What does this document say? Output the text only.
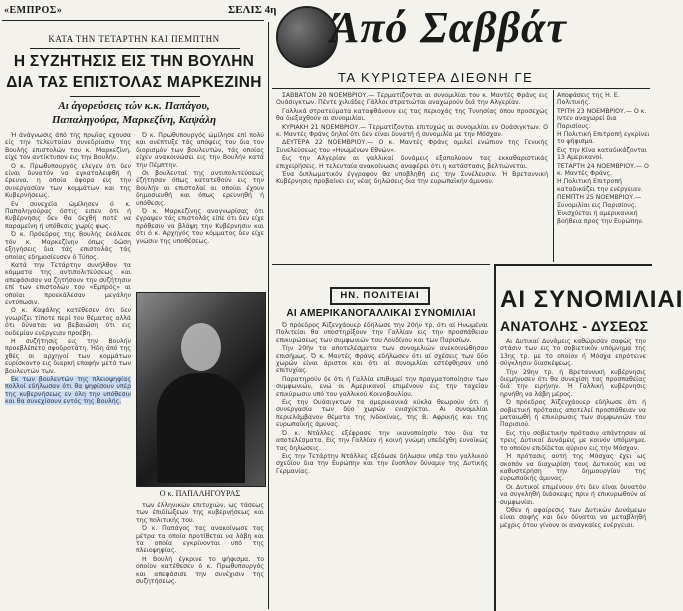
«ΕΜΠΡΟΣ»	ΣΕΛΙΣ 4η
ΚΑΤΑ ΤΗΝ ΤΕΤΑΡΤΗΝ ΚΑΙ ΠΕΜΠΤΗΝ
Η ΣΥΖΗΤΗΣΙΣ ΕΙΣ ΤΗΝ ΒΟΥΛΗΝ
ΔΙΑ ΤΑΣ ΕΠΙΣΤΟΛΑΣ ΜΑΡΚΕΖΙΝΗ
Αι άγορεύσεις τών κ.κ. Παπάγου,
Παπαληγούρα, Μαρκεζίνη, Καψάλη

Ή άνάγνωσις άπό της πρωϊας εχουσα είς την τελευταίαν συνεδρίασιν της Βουλής επιστολών του κ. Μαρκεζίνη, είχε τον αντίκτυπον εις την Βουλήν.

Ο κ. Πρωθυπουργός ελεγεν ότι δεν είναι δυνατόν να εγκαταλειφθή ή έρευνα, η οποία άφορα εις την συνεργασίαν των κομμάτων και της Κυβερνήσεως.

Εν συνεχεία ώμίλησεν ό κ. Παπαληγούρας όστις ειπεν ότι ή Κυβέρνησις δεν θα δεχθή ποτέ να παραμείνη ή υπόθεσις χωρίς φως.

Ό κ. Πρόεδρος της Βουλής έκάλεσε τόν κ. Μαρκεζίνην όπως δώση εξηγήσεις δια τάς επιστολάς τάς οποίας εδημοσίευσεν ό Τύπος.

Κατά την Τετάρτην συνήλθον τα κόμματα της αντιπολιτεύσεως και απεφάσισαν να ζητήσουν την συζήτησιν επί των επιστολών του «Εμπρός» αι οποίαι προεκάλεσαν μεγάλην εντύπωσιν.

Ο κ. Καψάλης κατέθεσεν ότι δεν γνωρίζει τίποτε περί του θέματος αλλά ότι δύναται να βεβαιώση ότι εις ουδεμίαν ενέργειαν προέβη.

Η συζήτησις εις την Βουλήν προεβλέπετο σφοδροτάτη. Ήδη άπό της χθές οι αρχηγοί των κομμάτων ευρίσκοντο εις διαρκή επαφήν μετά των βουλευτών των.

Εκ των βουλευτών της πλειοψηφίας πολλοί εδήλωσαν ότι θα ψηφίσουν υπέρ της κυβερνήσεως εν όλη την υπόθεσιν και θα συνεχίσουν εντός της Βουλής.

Ό κ. Πρωθυπουργός ώμίλησε επί πολύ και ανέπτυξε τάς απόψεις του δια τον διορισμόν των βουλευτών, τάς οποίας είχεν ανακοινώσει εις την Βουλήν κατά την Πέμπτην.

Οι βουλευταί της αντιπολιτεύσεως έζήτησαν όπως κατατεθούν εις την Βουλήν αι επιστολαί αι οποίαι έχουν δημοσιευθή και όπως ερευνηθή ή υπόθεσις.

Ό κ. Μαρκεζίνης αναγνωρίσας ότι έγραψεν τάς επιστολάς είπε ότι δεν είχε πρόθεσιν να βλάψη την Κυβέρνησιν και ότι ό κ. Αρχηγός του κόμματος δεν είχε γνώσιν της υποθέσεως.

Ο κ. ΠΑΠΑΛΗΓΟΥΡΑΣ

των έλληνικών επιτυχιών, ως τάσεως των έπιδίωξεων της κυβερνήσεως και της πολιτικής του.

Ό κ. Παπάγος τας ανακοίνωσε τας μέτρα τα οποία προτίθεται να λάβη και τα οποία εγκρίνονται υπό της πλειοψηφίας.

Η Βουλή έγκρινε το ψήφισμα, το οποίον κατέθεσεν ό κ. Πρωθυπουργός και απεφάσισε την συνέχισιν της συζητήσεως.

Άπό Σαββάτ
ΤΑ ΚΥΡΙΩΤΕΡΑ ΔΙΕΘΝΗ ΓΕ

ΣΑΒΒΑΤΟΝ 20 ΝΟΕΜΒΡΙΟΥ.— Τερματίζονται αι συνομιλίαι του κ. Μαντές Φράνς εις Ουάσιγκτων. Πέντε χιλιάδες Γάλλοι στρατιώται αναχωρούν διά την Αλγερίαν.

Γαλλικά στρατεύματα καταφθάνουν εις τας περιοχάς της Τυνησίας όπου προσεχώς θα διεξαχθούν αι συνομιλίαι.

ΚΥΡΙΑΚΗ 21 ΝΟΕΜΒΡΙΟΥ.— Τερματίζονται επιτυχώς αι συνομιλίαι εν Ουάσιγκτων. Ο κ. Μαντές Φράνς δηλοί ότι δεν είναι δυνατή ή συνομιλία με την Μόσχαν.

ΔΕΥΤΕΡΑ 22 ΝΟΕΜΒΡΙΟΥ.— Ο κ. Μαντές Φράνς ομιλεί ενώπιον της Γενικής Συνελεύσεως του «Ηνωμένων Εθνών».

Εις την Αλγερίαν αι γαλλικαί δυνάμεις εξαπολύουν τας εκκαθαριστικάς επιχειρήσεις. Η τελευταία ανακοίνωσις αναφέρει ότι η κατάστασις βελτιώνεται.

Ένα διπλωματικόν έγγραφον θα υποβληθή εις την Συνέλευσιν. Ή Βρεταννική Κυβέρνησις προβαίνει εις νέας δηλώσεις δια την ευρωπαϊκήν άμυναν.

Αποφάσεις της Η. Ε. Πολιτικής.

ΤΡΙΤΗ 23 ΝΟΕΜΒΡΙΟΥ.— Ο κ. Ιντεν αναχωρεί δια Παρισίους.

Η Πολιτική Επιτροπή εγκρίνει το ψήφισμα.

Εις την Κίνα καταδικάζονται 13 Αμερικανοί.

ΤΕΤΑΡΤΗ 24 ΝΟΕΜΒΡΙΟΥ.— Ο κ. Μαντές Φράνς.

Η Πολιτική Επιτροπή καταδικάζει την ενέργειαν.

ΠΕΜΠΤΗ 25 ΝΟΕΜΒΡΙΟΥ.— Συνομιλίαι εις Παρισίους.

Ένισχύεται ή αμερικανική βοήθεια προς την Ευρώπην.

ΗΝ. ΠΟΛΙΤΕΙΑΙ
ΑΙ ΑΜΕΡΙΚΑΝΟΓΑΛΛΙΚΑΙ ΣΥΝΟΜΙΛΙΑΙ

Ό πρόεδρος Άϊζενχάουερ έδήλωσε την 20ήν τρ. ότι αί Ηνωμέναι Πολιτείαι θα υποστηρίξουν την Γαλλίαν εις την προσπάθειαν επικυρώσεως των συμφωνιών του Λονδίνου και των Παρισίων.

Την 20ήν τα αποτελέσματα των συνομιλιών ανεκοινώθησαν επισήμως. Ό κ. Μαντές Φράνς εδήλωσεν ότι αί σχέσεις των δύο χωρών είναι άριστοι και ότι αί συνομιλίαι εστέφθησαν υπό επιτυχίας.

Παρατηρούν δε ότι ή Γαλλία επιθυμεί την πραγματοποίησιν των συμφωνιών, ενώ οι Αμερικανοί επιμένουν εις την ταχείαν επικύρωσιν υπό του γαλλικού Κοινοβουλίου.

Εις την Ουάσιγκτων τα αμερικανικά κύκλα θεωρούν ότι ή συνεργασία των δύο χωρών ενισχύεται. Αι συνομιλίαι περιελάμβανον θέματα της Ινδοκίνας, της Β. Αφρικής και της ευρωπαϊκής άμυνας.

Ό κ. Ντάλλες εξέφρασε την ικανοποίησίν του δια τα αποτελέσματα. Εις την Γαλλίαν ή κοινή γνώμη υπεδέχθη ευνοϊκώς τας δηλώσεις.

Εις την Τετάρτην Ντάλλες εξέδωσε δήλωσιν υπέρ του γαλλικού σχεδίου δια την Ευρώπην και την ένοπλον δύναμιν της Δυτικής Γερμανίας.

ΑΙ ΣΥΝΟΜΙΛΙΑΙ
ΑΝΑΤΟΛΗΣ - ΔΥΣΕΩΣ

Αι Δυτικαί Δυνάμεις καθώρισαν σαφώς την στάσιν των εις το σοβιετικόν υπόμνημα της 13ης τρ. με το οποίον ή Μόσχα επρότεινε σύγκλησιν διασκέψεως.

Την 29ην τρ. ή Βρεταννική κυβέρνησις διεμήνυσεν ότι θα συνεχίση τας προσπαθείας διά την ειρήνην. Ή Γαλλική κυβέρνησις ηρνήθη να λάβη μέρος.

Ό πρόεδρος Άϊζενχάουερ εδήλωσε ότι ή σοβιετική πρότασις αποτελεί προσπάθειαν να ματαιωθή ή επικύρωσις των συμφωνιών του Παρισιού.

Εις την σοβιετικήν πρότασιν απάντησαν αί τρεις Δυτικαί Δυνάμεις με κοινόν υπόμνημα, το οποίον επιδίδεται αύριον εις την Μόσχαν.

Ή πρότασις αυτή της Μόσχας έχει ως σκοπόν να διαχωρίση τους Δυτικούς και να καθυστερήση την δημιουργίαν της ευρωπαϊκής άμυνας.

Οι Δυτικοί επιμένουν ότι δεν είναι δυνατόν να συγκληθή διάσκεψις πριν ή επικυρωθούν αί συμφωνίαι.

Όθεν ή αφαίρεσις των Δυτικών Δυνάμεων είναι σαφής και δεν δύναται να μεταβληθή μέχρις ότου γίνουν οι αναγκαίες ενέργειαι.
